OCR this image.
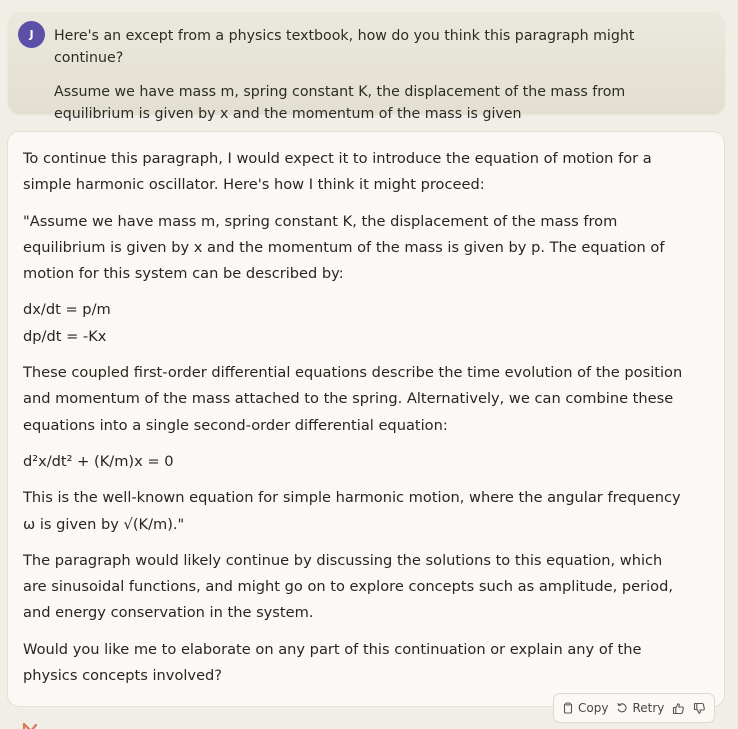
J Here's an except from a physics textbook, how do you think this paragraph might continue?

Assume we have mass m, spring constant K, the displacement of the mass from equilibrium is given by x and the momentum of the mass is given

To continue this paragraph, I would expect it to introduce the equation of motion for a simple harmonic oscillator. Here's how I think it might proceed:

"Assume we have mass m, spring constant K, the displacement of the mass from equilibrium is given by x and the momentum of the mass is given by p. The equation of motion for this system can be described by:

dx/dt = p/m

dp/dt = -Kx

These coupled first-order differential equations describe the time evolution of the position and momentum of the mass attached to the spring. Alternatively, we can combine these equations into a single second-order differential equation:

d²x/dt² + (K/m)x = 0

This is the well-known equation for simple harmonic motion, where the angular frequency ω is given by √(K/m)."

The paragraph would likely continue by discussing the solutions to this equation, which are sinusoidal functions, and might go on to explore concepts such as amplitude, period, and energy conservation in the system.

Would you like me to elaborate on any part of this continuation or explain any of the physics concepts involved?

Copy Retry
